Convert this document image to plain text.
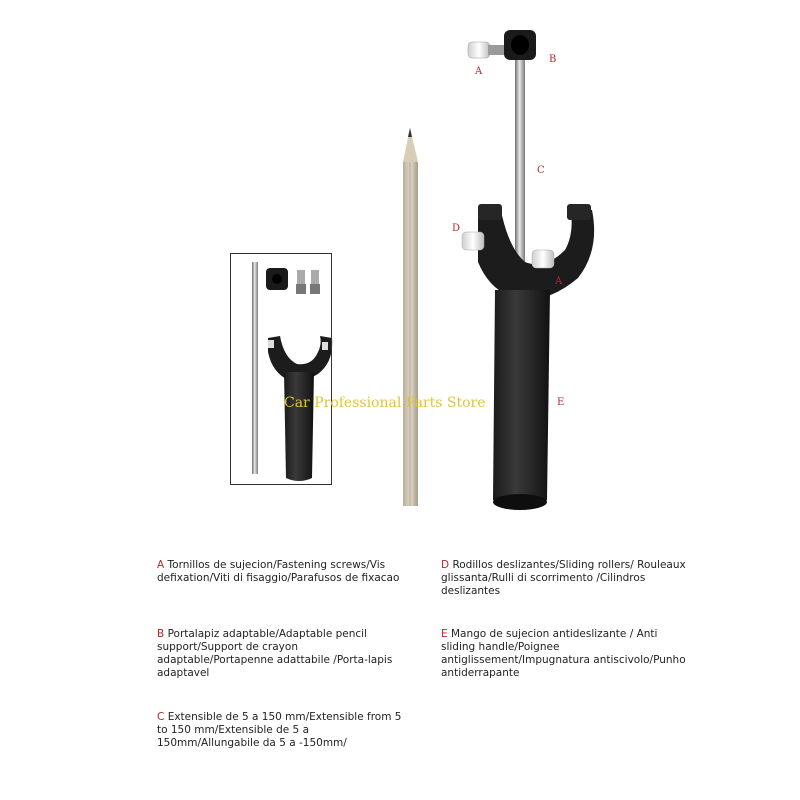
A
B
C
D
A
E
Car Professional Parts Store
A Tornillos de sujecion/Fastening screws/Vis defixation/Viti di fisaggio/Parafusos de fixacao
B Portalapiz adaptable/Adaptable pencil support/Support de crayon adaptable/Portapenne adattabile /Porta-lapis adaptavel
C Extensible de 5 a 150 mm/Extensible from 5 to 150 mm/Extensible de 5 a 150mm/Allungabile da 5 a -150mm/
D Rodillos deslizantes/Sliding rollers/ Rouleaux glissanta/Rulli di scorrimento /Cilindros deslizantes
E Mango de sujecion antideslizante / Anti sliding handle/Poignee antiglissement/Impugnatura antiscivolo/Punho antiderrapante
